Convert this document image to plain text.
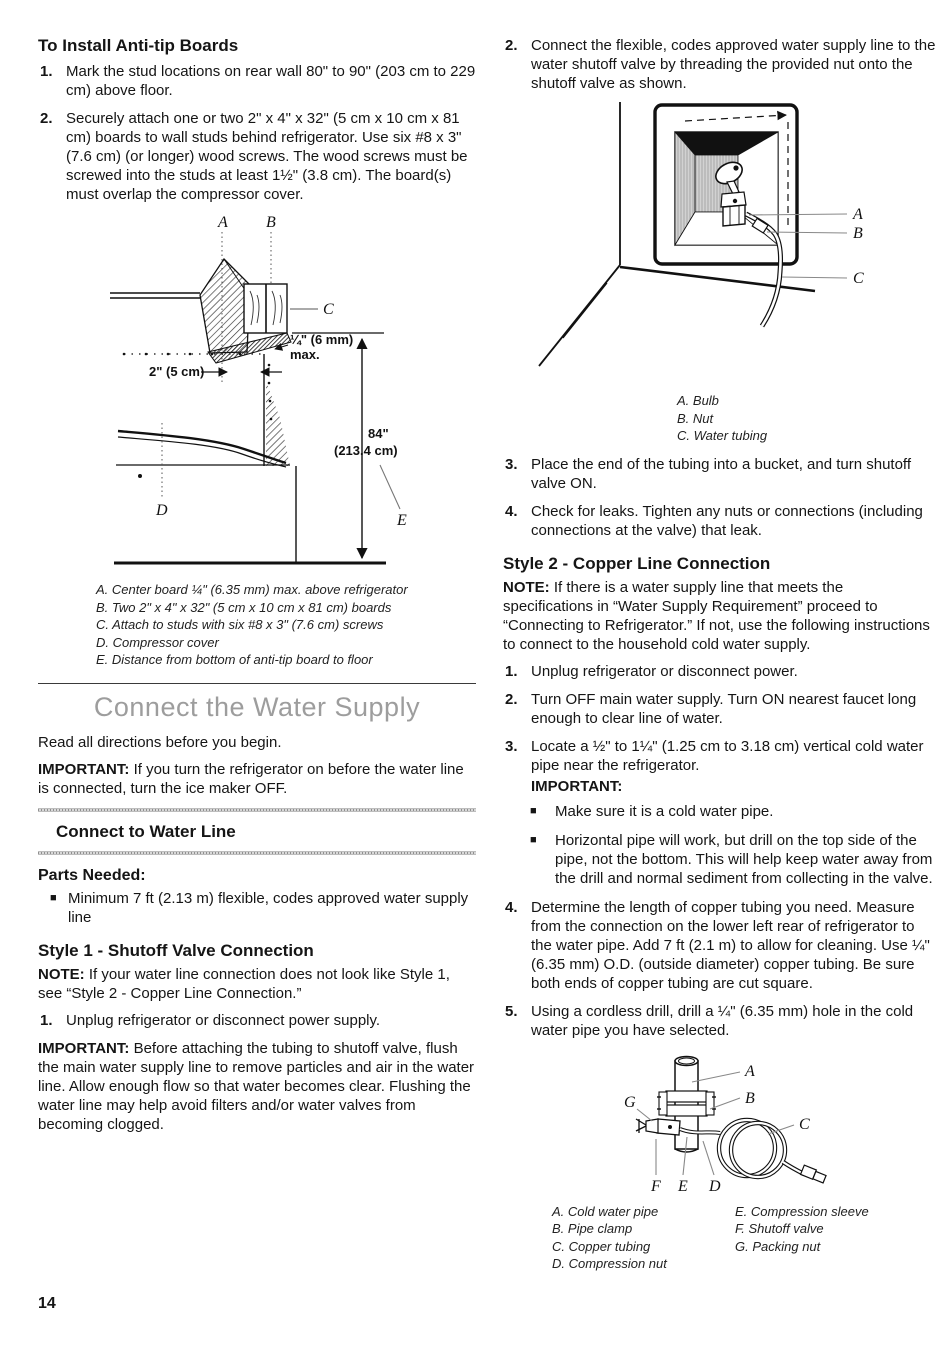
To Install Anti-tip Boards
1. Mark the stud locations on rear wall 80" to 90" (203 cm to 229 cm) above floor.
2. Securely attach one or two 2" x 4" x 32" (5 cm x 10 cm x 81 cm) boards to wall studs behind refrigerator. Use six #8 x 3" (7.6 cm) (or longer) wood screws. The wood screws must be screwed into the studs at least 1½" (3.8 cm). The board(s) must overlap the compressor cover.
A B
C
¼" (6 mm)
max.
2" (5 cm)
D
84"
(213.4 cm)
E
A. Center board ¼" (6.35 mm) max. above refrigerator
B. Two 2" x 4" x 32" (5 cm x 10 cm x 81 cm) boards
C. Attach to studs with six #8 x 3" (7.6 cm) screws
D. Compressor cover
E. Distance from bottom of anti-tip board to floor
Connect the Water Supply

Read all directions before you begin.

IMPORTANT: If you turn the refrigerator on before the water line is connected, turn the ice maker OFF.

Connect to Water Line
Parts Needed:
■ Minimum 7 ft (2.13 m) flexible, codes approved water supply line
Style 1 - Shutoff Valve Connection

NOTE: If your water line connection does not look like Style 1, see “Style 2 - Copper Line Connection.”

1. Unplug refrigerator or disconnect power supply.

IMPORTANT: Before attaching the tubing to shutoff valve, flush the main water supply line to remove particles and air in the water line. Allow enough flow so that water becomes clear. Flushing the water line may help avoid filters and/or water valves from becoming clogged.

2. Connect the flexible, codes approved water supply line to the water shutoff valve by threading the provided nut onto the shutoff valve as shown.
A
B
C
A. Bulb
B. Nut
C. Water tubing
3. Place the end of the tubing into a bucket, and turn shutoff valve ON.
4. Check for leaks. Tighten any nuts or connections (including connections at the valve) that leak.
Style 2 - Copper Line Connection

NOTE: If there is a water supply line that meets the specifications in “Water Supply Requirement” proceed to “Connecting to Refrigerator.” If not, use the following instructions to connect to the household cold water supply.

1. Unplug refrigerator or disconnect power.
2. Turn OFF main water supply. Turn ON nearest faucet long enough to clear line of water.
3. Locate a ½" to 1¼" (1.25 cm to 3.18 cm) vertical cold water pipe near the refrigerator.

IMPORTANT:

■	Make sure it is a cold water pipe.
■	Horizontal pipe will work, but drill on the top side of the pipe, not the bottom. This will help keep water away from the drill and normal sediment from collecting in the valve.
4. Determine the length of copper tubing you need. Measure from the connection on the lower left rear of refrigerator to the water pipe. Add 7 ft (2.1 m) to allow for cleaning. Use ¼" (6.35 mm) O.D. (outside diameter) copper tubing. Be sure both ends of copper tubing are cut square.
5. Using a cordless drill, drill a ¼" (6.35 mm) hole in the cold water pipe you have selected.
A
B
G
C
F E D
A. Cold water pipe
B. Pipe clamp
C. Copper tubing
D. Compression nut
E. Compression sleeve
F. Shutoff valve
G. Packing nut
14
